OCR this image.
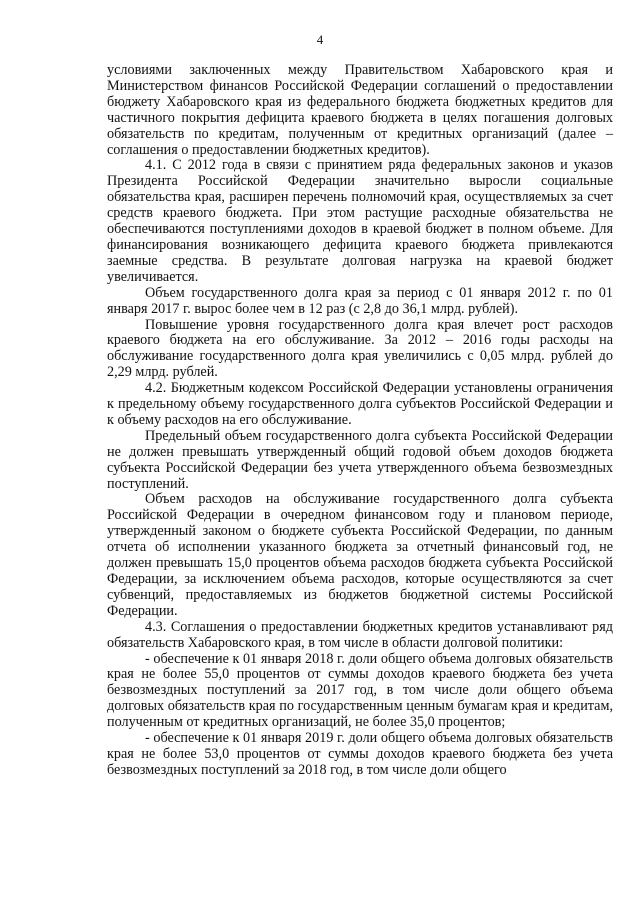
4

условиями заключенных между Правительством Хабаровского края и Министерством финансов Российской Федерации соглашений о предоставлении бюджету Хабаровского края из федерального бюджета бюджетных кредитов для частичного покрытия дефицита краевого бюджета в целях погашения долговых обязательств по кредитам, полученным от кредитных организаций (далее – соглашения о предоставлении бюджетных кредитов).

4.1. С 2012 года в связи с принятием ряда федеральных законов и указов Президента Российской Федерации значительно выросли социальные обязательства края, расширен перечень полномочий края, осуществляемых за счет средств краевого бюджета. При этом растущие расходные обязательства не обеспечиваются поступлениями доходов в краевой бюджет в полном объеме. Для финансирования возникающего дефицита краевого бюджета привлекаются заемные средства. В результате долговая нагрузка на краевой бюджет увеличивается.

Объем государственного долга края за период с 01 января 2012 г. по 01 января 2017 г. вырос более чем в 12 раз (с 2,8 до 36,1 млрд. рублей).

Повышение уровня государственного долга края влечет рост расходов краевого бюджета на его обслуживание. За 2012 – 2016 годы расходы на обслуживание государственного долга края увеличились с 0,05 млрд. рублей до 2,29 млрд. рублей.

4.2. Бюджетным кодексом Российской Федерации установлены ограничения к предельному объему государственного долга субъектов Российской Федерации и к объему расходов на его обслуживание.

Предельный объем государственного долга субъекта Российской Федерации не должен превышать утвержденный общий годовой объем доходов бюджета субъекта Российской Федерации без учета утвержденного объема безвозмездных поступлений.

Объем расходов на обслуживание государственного долга субъекта Российской Федерации в очередном финансовом году и плановом периоде, утвержденный законом о бюджете субъекта Российской Федерации, по данным отчета об исполнении указанного бюджета за отчетный финансовый год, не должен превышать 15,0 процентов объема расходов бюджета субъекта Российской Федерации, за исключением объема расходов, которые осуществляются за счет субвенций, предоставляемых из бюджетов бюджетной системы Российской Федерации.

4.3. Соглашения о предоставлении бюджетных кредитов устанавливают ряд обязательств Хабаровского края, в том числе в области долговой политики:

- обеспечение к 01 января 2018 г. доли общего объема долговых обязательств края не более 55,0 процентов от суммы доходов краевого бюджета без учета безвозмездных поступлений за 2017 год, в том числе доли общего объема долговых обязательств края по государственным ценным бумагам края и кредитам, полученным от кредитных организаций, не более 35,0 процентов;

- обеспечение к 01 января 2019 г. доли общего объема долговых обязательств края не более 53,0 процентов от суммы доходов краевого бюджета без учета безвозмездных поступлений за 2018 год, в том числе доли общего
